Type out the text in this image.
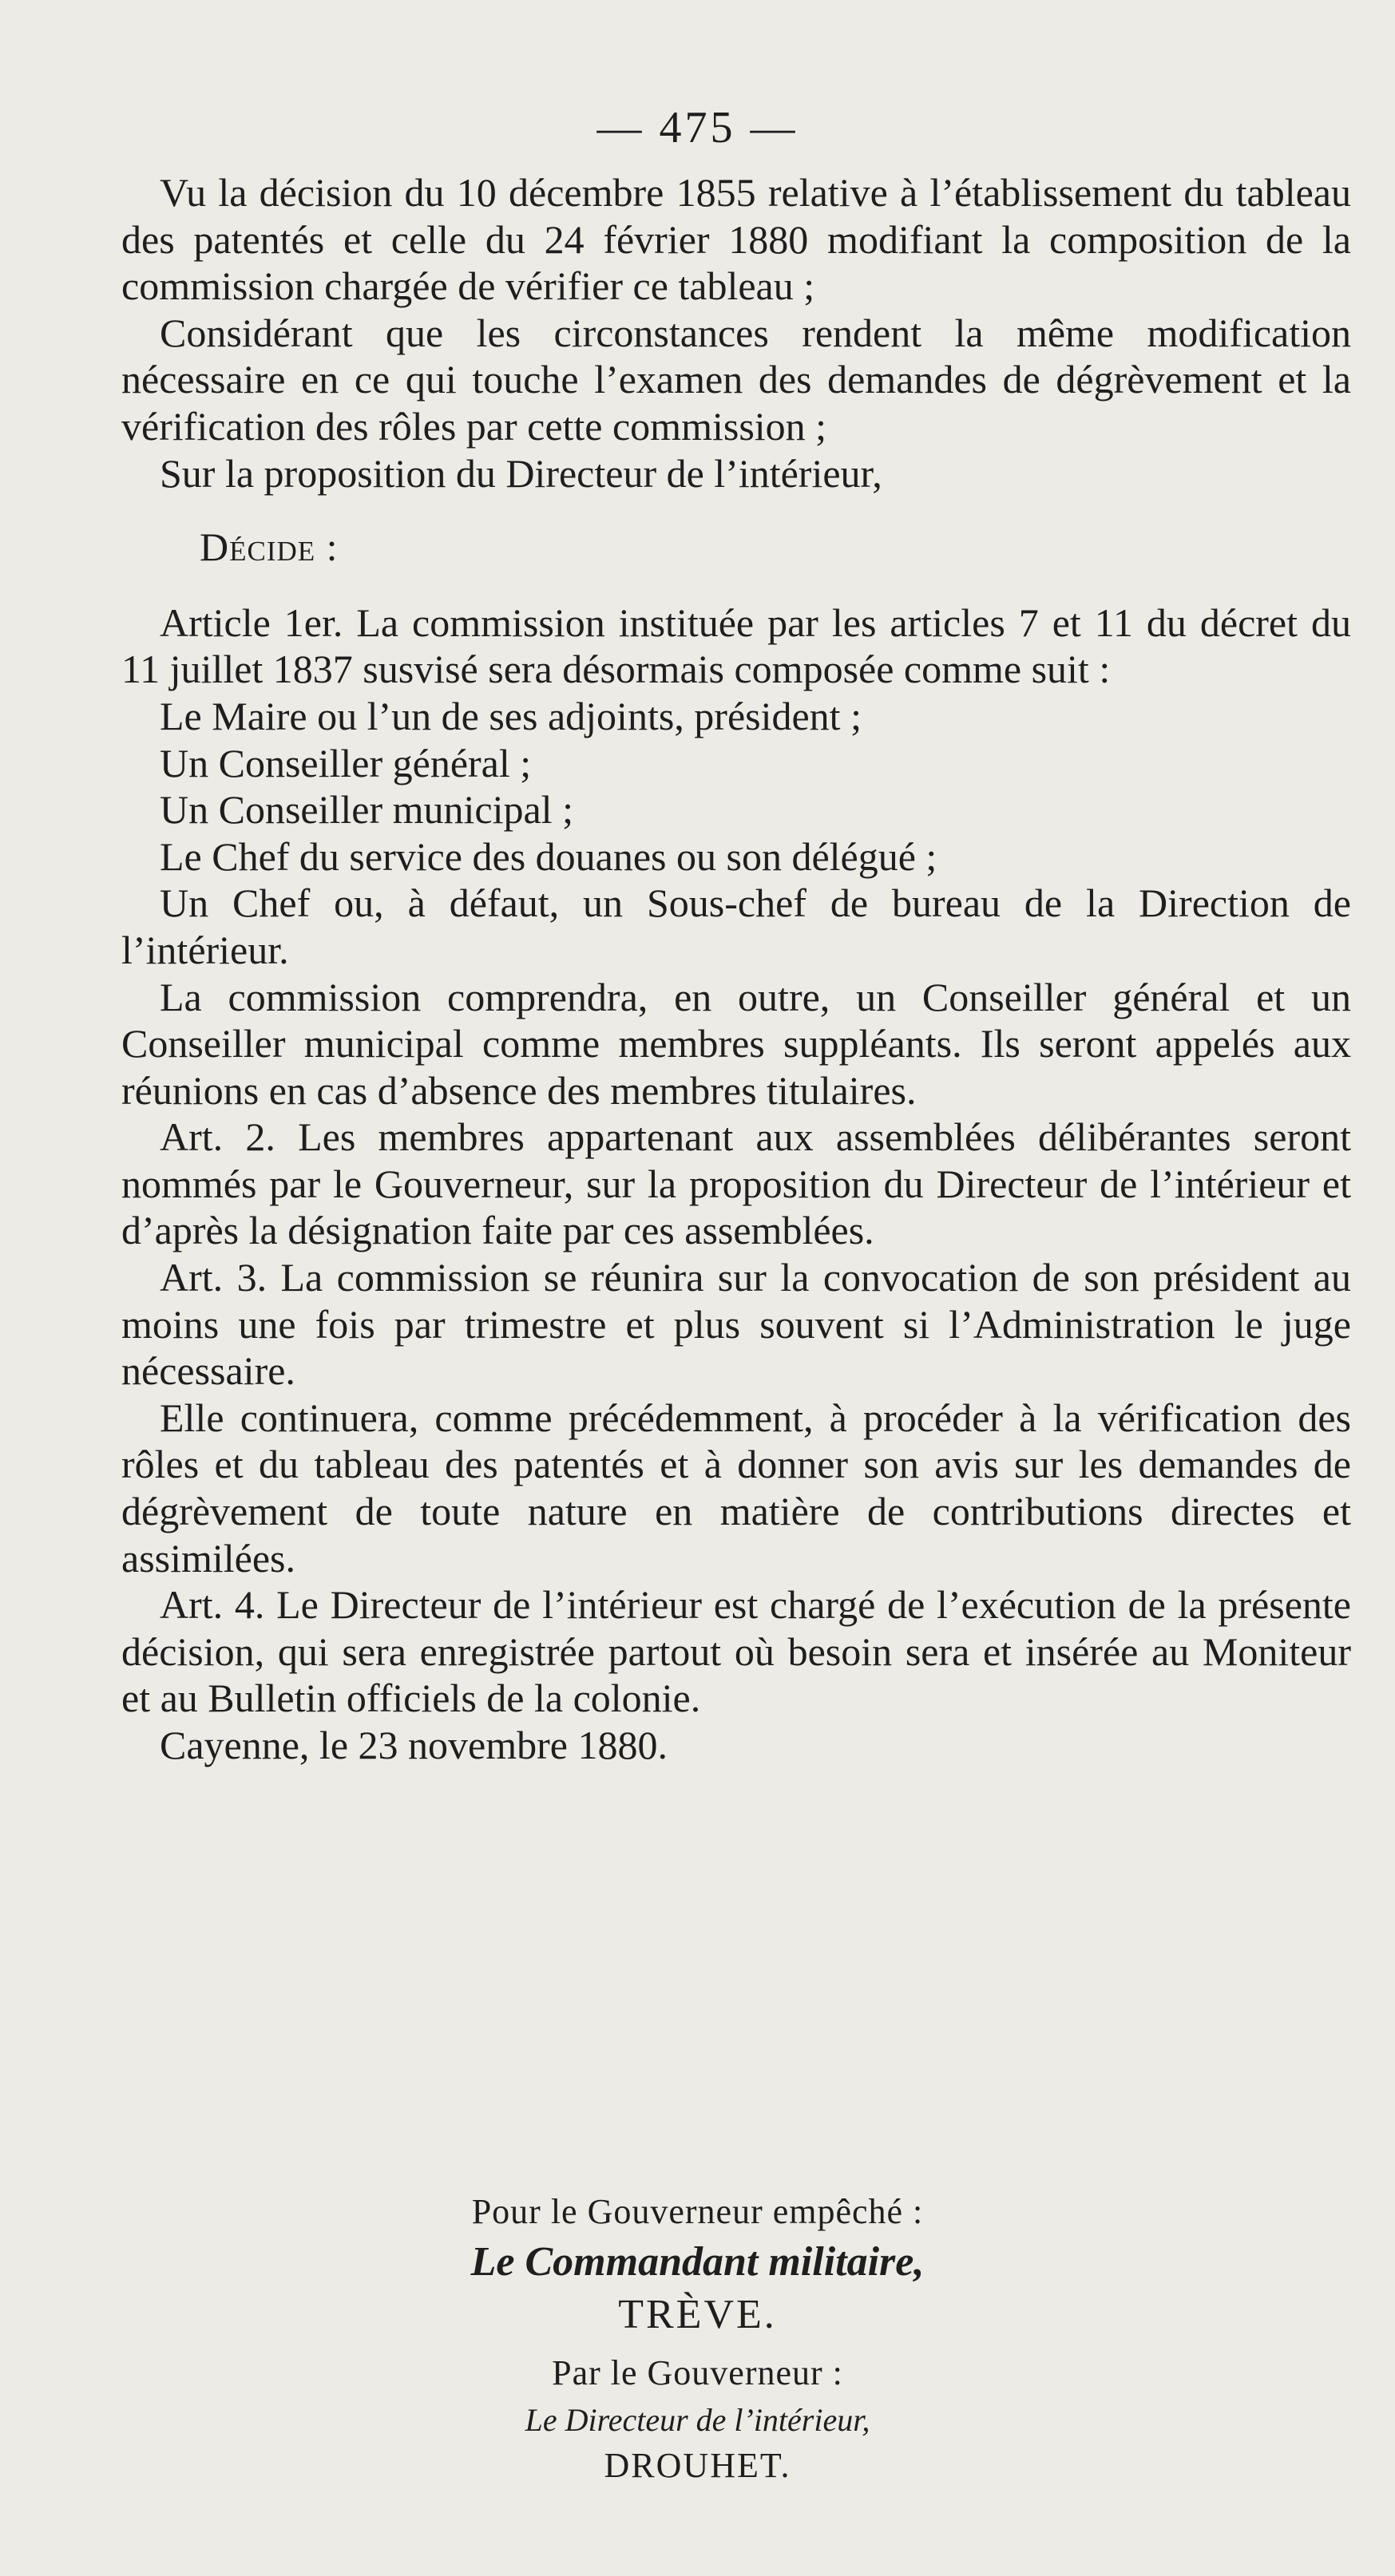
— 475 —

Vu la décision du 10 décembre 1855 relative à l’établissement du tableau des patentés et celle du 24 février 1880 modifiant la composition de la commission chargée de vérifier ce tableau ;

Considérant que les circonstances rendent la même modification nécessaire en ce qui touche l’examen des demandes de dégrèvement et la vérification des rôles par cette commission ;

Sur la proposition du Directeur de l’intérieur,

Décide :

Article 1er. La commission instituée par les articles 7 et 11 du décret du 11 juillet 1837 susvisé sera désormais composée comme suit :

Le Maire ou l’un de ses adjoints, président ;

Un Conseiller général ;

Un Conseiller municipal ;

Le Chef du service des douanes ou son délégué ;

Un Chef ou, à défaut, un Sous-chef de bureau de la Direction de l’intérieur.

La commission comprendra, en outre, un Conseiller général et un Conseiller municipal comme membres suppléants. Ils seront appelés aux réunions en cas d’absence des membres titulaires.

Art. 2. Les membres appartenant aux assemblées délibérantes seront nommés par le Gouverneur, sur la proposition du Directeur de l’intérieur et d’après la désignation faite par ces assemblées.

Art. 3. La commission se réunira sur la convocation de son président au moins une fois par trimestre et plus souvent si l’Administration le juge nécessaire.

Elle continuera, comme précédemment, à procéder à la vérification des rôles et du tableau des patentés et à donner son avis sur les demandes de dégrèvement de toute nature en matière de contributions directes et assimilées.

Art. 4. Le Directeur de l’intérieur est chargé de l’exécution de la présente décision, qui sera enregistrée partout où besoin sera et insérée au Moniteur et au Bulletin officiels de la colonie.

Cayenne, le 23 novembre 1880.

Pour le Gouverneur empêché :
Le Commandant militaire,
TRÈVE.
Par le Gouverneur :
Le Directeur de l’intérieur,
DROUHET.
